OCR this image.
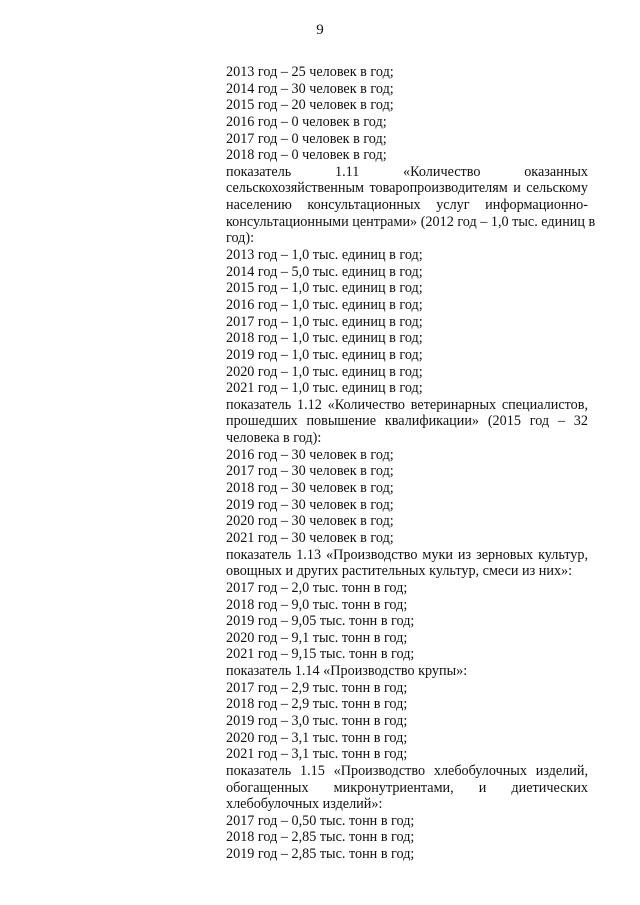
9
2013 год – 25 человек в год;
2014 год – 30 человек в год;
2015 год – 20 человек в год;
2016 год – 0 человек в год;
2017 год – 0 человек в год;
2018 год – 0 человек в год;
показатель	1.11	«Количество	оказанных
сельскохозяйственным товаропроизводителям и сельскому
населению консультационных услуг информационно-
консультационными центрами» (2012 год – 1,0 тыс. единиц в
год):
2013 год – 1,0 тыс. единиц в год;
2014 год – 5,0 тыс. единиц в год;
2015 год – 1,0 тыс. единиц в год;
2016 год – 1,0 тыс. единиц в год;
2017 год – 1,0 тыс. единиц в год;
2018 год – 1,0 тыс. единиц в год;
2019 год – 1,0 тыс. единиц в год;
2020 год – 1,0 тыс. единиц в год;
2021 год – 1,0 тыс. единиц в год;
показатель 1.12 «Количество ветеринарных специалистов,
прошедших повышение квалификации» (2015 год – 32
человека в год):
2016 год – 30 человек в год;
2017 год – 30 человек в год;
2018 год – 30 человек в год;
2019 год – 30 человек в год;
2020 год – 30 человек в год;
2021 год – 30 человек в год;
показатель 1.13 «Производство муки из зерновых культур,
овощных и других растительных культур, смеси из них»:
2017 год – 2,0 тыс. тонн в год;
2018 год – 9,0 тыс. тонн в год;
2019 год – 9,05 тыс. тонн в год;
2020 год – 9,1 тыс. тонн в год;
2021 год – 9,15 тыс. тонн в год;
показатель 1.14 «Производство крупы»:
2017 год – 2,9 тыс. тонн в год;
2018 год – 2,9 тыс. тонн в год;
2019 год – 3,0 тыс. тонн в год;
2020 год – 3,1 тыс. тонн в год;
2021 год – 3,1 тыс. тонн в год;
показатель 1.15 «Производство хлебобулочных изделий,
обогащенных микронутриентами, и диетических
хлебобулочных изделий»:
2017 год – 0,50 тыс. тонн в год;
2018 год – 2,85 тыс. тонн в год;
2019 год – 2,85 тыс. тонн в год;
